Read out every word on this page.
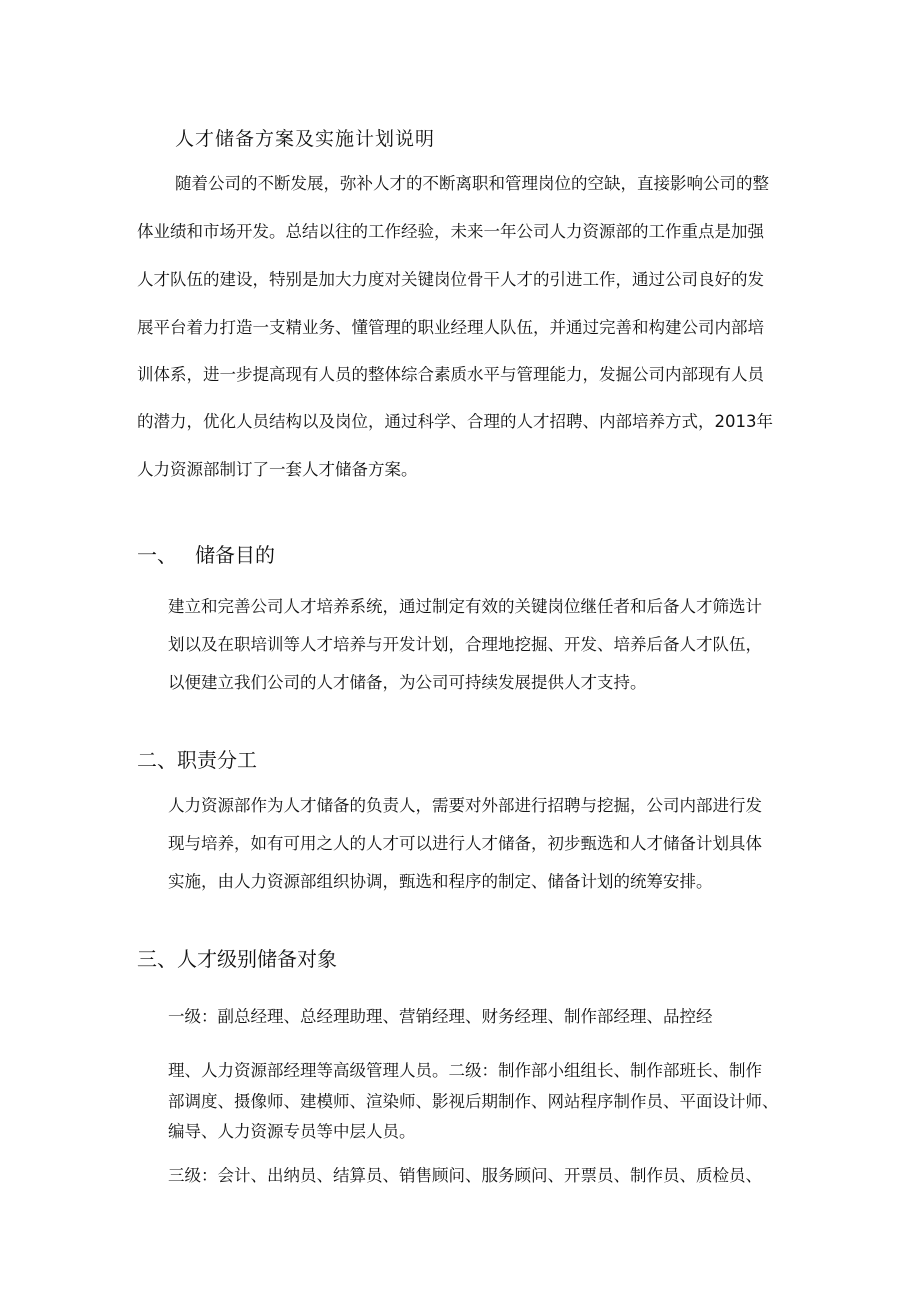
人才储备方案及实施计划说明
随着公司的不断发展，弥补人才的不断离职和管理岗位的空缺，直接影响公司的整
体业绩和市场开发。总结以往的工作经验，未来一年公司人力资源部的工作重点是加强
人才队伍的建设，特别是加大力度对关键岗位骨干人才的引进工作，通过公司良好的发
展平台着力打造一支精业务、懂管理的职业经理人队伍，并通过完善和构建公司内部培
训体系，进一步提高现有人员的整体综合素质水平与管理能力，发掘公司内部现有人员
的潜力，优化人员结构以及岗位，通过科学、合理的人才招聘、内部培养方式，2013年
人力资源部制订了一套人才储备方案。
一、 储备目的
建立和完善公司人才培养系统，通过制定有效的关键岗位继任者和后备人才筛选计
划以及在职培训等人才培养与开发计划，合理地挖掘、开发、培养后备人才队伍，
以便建立我们公司的人才储备，为公司可持续发展提供人才支持。
二、职责分工
人力资源部作为人才储备的负责人，需要对外部进行招聘与挖掘，公司内部进行发
现与培养，如有可用之人的人才可以进行人才储备，初步甄选和人才储备计划具体
实施，由人力资源部组织协调，甄选和程序的制定、储备计划的统筹安排。
三、人才级别储备对象
一级：副总经理、总经理助理、营销经理、财务经理、制作部经理、品控经
理、人力资源部经理等高级管理人员。二级：制作部小组组长、制作部班长、制作
部调度、摄像师、建模师、渲染师、影视后期制作、网站程序制作员、平面设计师、
编导、人力资源专员等中层人员。
三级：会计、出纳员、结算员、销售顾问、服务顾问、开票员、制作员、质检员、
